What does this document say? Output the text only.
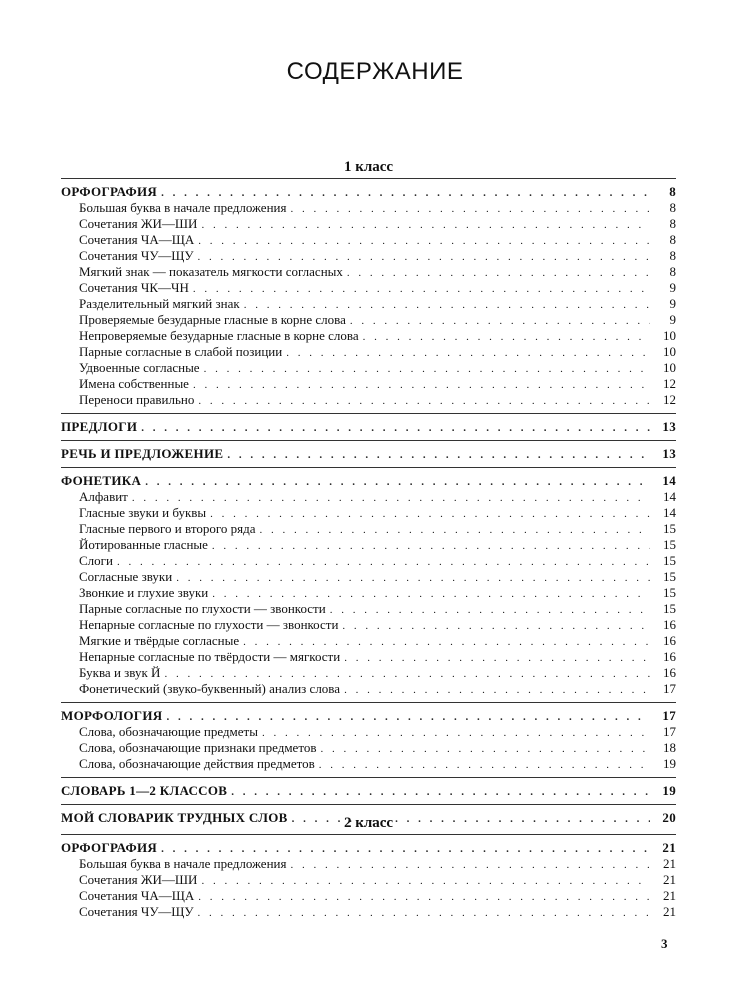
СОДЕРЖАНИЕ
1 класс
ОРФОГРАФИЯ . . .	8
Большая буква в начале предложения . . .	8
Сочетания ЖИ—ШИ . . .	8
Сочетания ЧА—ЩА . . .	8
Сочетания ЧУ—ЩУ . . .	8
Мягкий знак — показатель мягкости согласных . . .	8
Сочетания ЧК—ЧН . . .	9
Разделительный мягкий знак . . .	9
Проверяемые безударные гласные в корне слова . . .	9
Непроверяемые безударные гласные в корне слова . . .	10
Парные согласные в слабой позиции . . .	10
Удвоенные согласные . . .	10
Имена собственные . . .	12
Переноси правильно . . .	12
ПРЕДЛОГИ . . .	13
РЕЧЬ И ПРЕДЛОЖЕНИЕ . . .	13
ФОНЕТИКА . . .	14
Алфавит . . .	14
Гласные звуки и буквы . . .	14
Гласные первого и второго ряда . . .	15
Йотированные гласные . . .	15
Слоги . . .	15
Согласные звуки . . .	15
Звонкие и глухие звуки . . .	15
Парные согласные по глухости — звонкости . . .	15
Непарные согласные по глухости — звонкости . . .	16
Мягкие и твёрдые согласные . . .	16
Непарные согласные по твёрдости — мягкости . . .	16
Буква и звук Й . . .	16
Фонетический (звуко-буквенный) анализ слова . . .	17
МОРФОЛОГИЯ . . .	17
Слова, обозначающие предметы . . .	17
Слова, обозначающие признаки предметов . . .	18
Слова, обозначающие действия предметов . . .	19
СЛОВАРЬ 1—2 КЛАССОВ . . .	19
МОЙ СЛОВАРИК ТРУДНЫХ СЛОВ . . .	20
2 класс
ОРФОГРАФИЯ . . .	21
Большая буква в начале предложения . . .	21
Сочетания ЖИ—ШИ . . .	21
Сочетания ЧА—ЩА . . .	21
Сочетания ЧУ—ЩУ . . .	21
3
